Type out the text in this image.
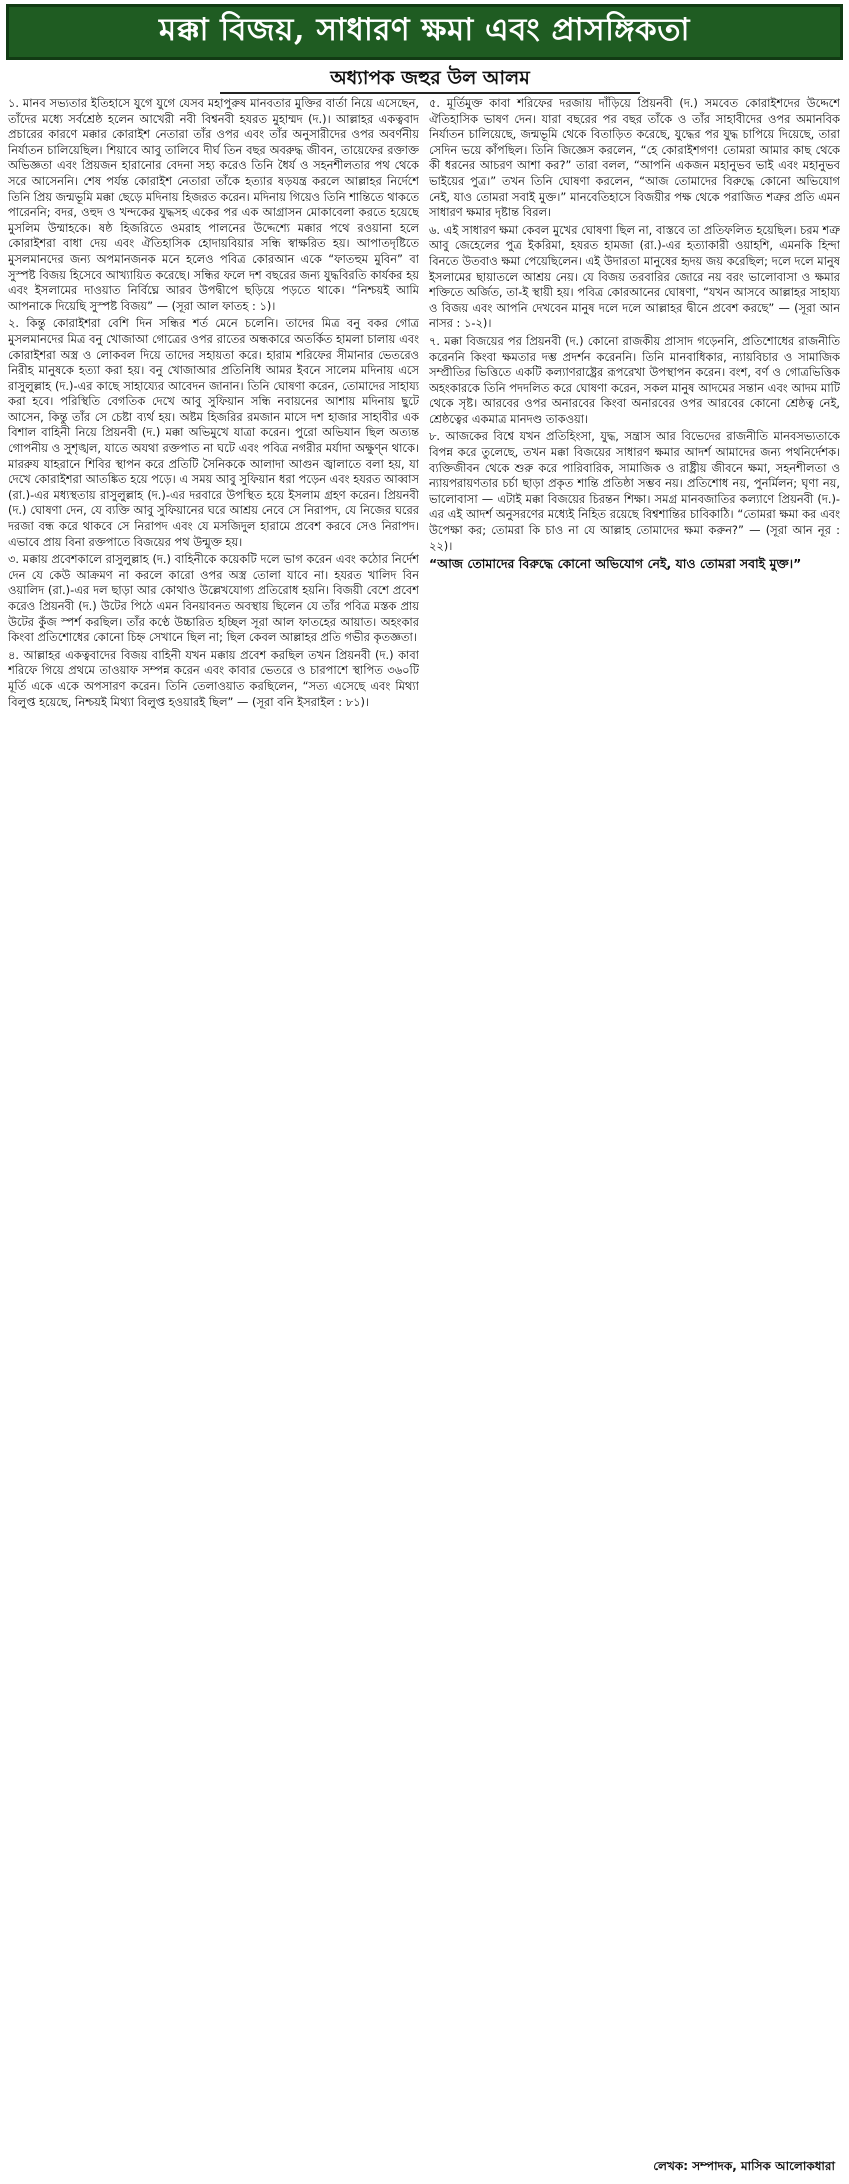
মক্কা বিজয়, সাধারণ ক্ষমা এবং প্রাসঙ্গিকতা
অধ্যাপক জহুর উল আলম

১. মানব সভ্যতার ইতিহাসে যুগে যুগে যেসব মহাপুরুষ মানবতার মুক্তির বার্তা নিয়ে এসেছেন, তাঁদের মধ্যে সর্বশ্রেষ্ঠ হলেন আখেরী নবী বিশ্বনবী হযরত মুহাম্মদ (দ.)। আল্লাহর একত্ববাদ প্রচারের কারণে মক্কার কোরাইশ নেতারা তাঁর ওপর এবং তাঁর অনুসারীদের ওপর অবর্ণনীয় নির্যাতন চালিয়েছিল। শিয়াবে আবু তালিবে দীর্ঘ তিন বছর অবরুদ্ধ জীবন, তায়েফের রক্তাক্ত অভিজ্ঞতা এবং প্রিয়জন হারানোর বেদনা সহ্য করেও তিনি ধৈর্য ও সহনশীলতার পথ থেকে সরে আসেননি। শেষ পর্যন্ত কোরাইশ নেতারা তাঁকে হত্যার ষড়যন্ত্র করলে আল্লাহর নির্দেশে তিনি প্রিয় জন্মভূমি মক্কা ছেড়ে মদিনায় হিজরত করেন। মদিনায় গিয়েও তিনি শান্তিতে থাকতে পারেননি; বদর, ওহুদ ও খন্দকের যুদ্ধসহ একের পর এক আগ্রাসন মোকাবেলা করতে হয়েছে মুসলিম উম্মাহকে। ষষ্ঠ হিজরিতে ওমরাহ পালনের উদ্দেশ্যে মক্কার পথে রওয়ানা হলে কোরাইশরা বাধা দেয় এবং ঐতিহাসিক হোদায়বিয়ার সন্ধি স্বাক্ষরিত হয়। আপাতদৃষ্টিতে মুসলমানদের জন্য অপমানজনক মনে হলেও পবিত্র কোরআন একে “ফাতহুম মুবিন” বা সুস্পষ্ট বিজয় হিসেবে আখ্যায়িত করেছে। সন্ধির ফলে দশ বছরের জন্য যুদ্ধবিরতি কার্যকর হয় এবং ইসলামের দাওয়াত নির্বিঘ্নে আরব উপদ্বীপে ছড়িয়ে পড়তে থাকে। “নিশ্চয়ই আমি আপনাকে দিয়েছি সুস্পষ্ট বিজয়” — (সূরা আল ফাতহ : ১)।

২. কিন্তু কোরাইশরা বেশি দিন সন্ধির শর্ত মেনে চলেনি। তাদের মিত্র বনু বকর গোত্র মুসলমানদের মিত্র বনু খোজাআ গোত্রের ওপর রাতের অন্ধকারে অতর্কিত হামলা চালায় এবং কোরাইশরা অস্ত্র ও লোকবল দিয়ে তাদের সহায়তা করে। হারাম শরিফের সীমানার ভেতরেও নিরীহ মানুষকে হত্যা করা হয়। বনু খোজাআর প্রতিনিধি আমর ইবনে সালেম মদিনায় এসে রাসুলুল্লাহ (দ.)-এর কাছে সাহায্যের আবেদন জানান। তিনি ঘোষণা করেন, তোমাদের সাহায্য করা হবে। পরিস্থিতি বেগতিক দেখে আবু সুফিয়ান সন্ধি নবায়নের আশায় মদিনায় ছুটে আসেন, কিন্তু তাঁর সে চেষ্টা ব্যর্থ হয়। অষ্টম হিজরির রমজান মাসে দশ হাজার সাহাবীর এক বিশাল বাহিনী নিয়ে প্রিয়নবী (দ.) মক্কা অভিমুখে যাত্রা করেন। পুরো অভিযান ছিল অত্যন্ত গোপনীয় ও সুশৃঙ্খল, যাতে অযথা রক্তপাত না ঘটে এবং পবিত্র নগরীর মর্যাদা অক্ষুণ্ন থাকে। মাররুয যাহরানে শিবির স্থাপন করে প্রতিটি সৈনিককে আলাদা আগুন জ্বালাতে বলা হয়, যা দেখে কোরাইশরা আতঙ্কিত হয়ে পড়ে। এ সময় আবু সুফিয়ান ধরা পড়েন এবং হযরত আব্বাস (রা.)-এর মধ্যস্থতায় রাসুলুল্লাহ (দ.)-এর দরবারে উপস্থিত হয়ে ইসলাম গ্রহণ করেন। প্রিয়নবী (দ.) ঘোষণা দেন, যে ব্যক্তি আবু সুফিয়ানের ঘরে আশ্রয় নেবে সে নিরাপদ, যে নিজের ঘরের দরজা বন্ধ করে থাকবে সে নিরাপদ এবং যে মসজিদুল হারামে প্রবেশ করবে সেও নিরাপদ। এভাবে প্রায় বিনা রক্তপাতে বিজয়ের পথ উন্মুক্ত হয়।

৩. মক্কায় প্রবেশকালে রাসুলুল্লাহ (দ.) বাহিনীকে কয়েকটি দলে ভাগ করেন এবং কঠোর নির্দেশ দেন যে কেউ আক্রমণ না করলে কারো ওপর অস্ত্র তোলা যাবে না। হযরত খালিদ বিন ওয়ালিদ (রা.)-এর দল ছাড়া আর কোথাও উল্লেখযোগ্য প্রতিরোধ হয়নি। বিজয়ী বেশে প্রবেশ করেও প্রিয়নবী (দ.) উটের পিঠে এমন বিনয়াবনত অবস্থায় ছিলেন যে তাঁর পবিত্র মস্তক প্রায় উটের কুঁজ স্পর্শ করছিল। তাঁর কণ্ঠে উচ্চারিত হচ্ছিল সূরা আল ফাতহের আয়াত। অহংকার কিংবা প্রতিশোধের কোনো চিহ্ন সেখানে ছিল না; ছিল কেবল আল্লাহর প্রতি গভীর কৃতজ্ঞতা।

৪. আল্লাহর একত্ববাদের বিজয় বাহিনী যখন মক্কায় প্রবেশ করছিল তখন প্রিয়নবী (দ.) কাবা শরিফে গিয়ে প্রথমে তাওয়াফ সম্পন্ন করেন এবং কাবার ভেতরে ও চারপাশে স্থাপিত ৩৬০টি মূর্তি একে একে অপসারণ করেন। তিনি তেলাওয়াত করছিলেন, “সত্য এসেছে এবং মিথ্যা বিলুপ্ত হয়েছে, নিশ্চয়ই মিথ্যা বিলুপ্ত হওয়ারই ছিল” — (সূরা বনি ইসরাইল : ৮১)।

৫. মূর্তিমুক্ত কাবা শরিফের দরজায় দাঁড়িয়ে প্রিয়নবী (দ.) সমবেত কোরাইশদের উদ্দেশে ঐতিহাসিক ভাষণ দেন। যারা বছরের পর বছর তাঁকে ও তাঁর সাহাবীদের ওপর অমানবিক নির্যাতন চালিয়েছে, জন্মভূমি থেকে বিতাড়িত করেছে, যুদ্ধের পর যুদ্ধ চাপিয়ে দিয়েছে, তারা সেদিন ভয়ে কাঁপছিল। তিনি জিজ্ঞেস করলেন, “হে কোরাইশগণ! তোমরা আমার কাছ থেকে কী ধরনের আচরণ আশা কর?” তারা বলল, “আপনি একজন মহানুভব ভাই এবং মহানুভব ভাইয়ের পুত্র।” তখন তিনি ঘোষণা করলেন, “আজ তোমাদের বিরুদ্ধে কোনো অভিযোগ নেই, যাও তোমরা সবাই মুক্ত।” মানবেতিহাসে বিজয়ীর পক্ষ থেকে পরাজিত শত্রুর প্রতি এমন সাধারণ ক্ষমার দৃষ্টান্ত বিরল।

৬. এই সাধারণ ক্ষমা কেবল মুখের ঘোষণা ছিল না, বাস্তবে তা প্রতিফলিত হয়েছিল। চরম শত্রু আবু জেহেলের পুত্র ইকরিমা, হযরত হামজা (রা.)-এর হত্যাকারী ওয়াহশি, এমনকি হিন্দা বিনতে উতবাও ক্ষমা পেয়েছিলেন। এই উদারতা মানুষের হৃদয় জয় করেছিল; দলে দলে মানুষ ইসলামের ছায়াতলে আশ্রয় নেয়। যে বিজয় তরবারির জোরে নয় বরং ভালোবাসা ও ক্ষমার শক্তিতে অর্জিত, তা-ই স্থায়ী হয়। পবিত্র কোরআনের ঘোষণা, “যখন আসবে আল্লাহর সাহায্য ও বিজয় এবং আপনি দেখবেন মানুষ দলে দলে আল্লাহর দ্বীনে প্রবেশ করছে” — (সূরা আন নাসর : ১-২)।

৭. মক্কা বিজয়ের পর প্রিয়নবী (দ.) কোনো রাজকীয় প্রাসাদ গড়েননি, প্রতিশোধের রাজনীতি করেননি কিংবা ক্ষমতার দম্ভ প্রদর্শন করেননি। তিনি মানবাধিকার, ন্যায়বিচার ও সামাজিক সম্প্রীতির ভিত্তিতে একটি কল্যাণরাষ্ট্রের রূপরেখা উপস্থাপন করেন। বংশ, বর্ণ ও গোত্রভিত্তিক অহংকারকে তিনি পদদলিত করে ঘোষণা করেন, সকল মানুষ আদমের সন্তান এবং আদম মাটি থেকে সৃষ্ট। আরবের ওপর অনারবের কিংবা অনারবের ওপর আরবের কোনো শ্রেষ্ঠত্ব নেই, শ্রেষ্ঠত্বের একমাত্র মানদণ্ড তাকওয়া।

৮. আজকের বিশ্বে যখন প্রতিহিংসা, যুদ্ধ, সন্ত্রাস আর বিভেদের রাজনীতি মানবসভ্যতাকে বিপন্ন করে তুলেছে, তখন মক্কা বিজয়ের সাধারণ ক্ষমার আদর্শ আমাদের জন্য পথনির্দেশক। ব্যক্তিজীবন থেকে শুরু করে পারিবারিক, সামাজিক ও রাষ্ট্রীয় জীবনে ক্ষমা, সহনশীলতা ও ন্যায়পরায়ণতার চর্চা ছাড়া প্রকৃত শান্তি প্রতিষ্ঠা সম্ভব নয়। প্রতিশোধ নয়, পুনর্মিলন; ঘৃণা নয়, ভালোবাসা — এটাই মক্কা বিজয়ের চিরন্তন শিক্ষা। সমগ্র মানবজাতির কল্যাণে প্রিয়নবী (দ.)-এর এই আদর্শ অনুসরণের মধ্যেই নিহিত রয়েছে বিশ্বশান্তির চাবিকাঠি। “তোমরা ক্ষমা কর এবং উপেক্ষা কর; তোমরা কি চাও না যে আল্লাহ তোমাদের ক্ষমা করুন?” — (সূরা আন নূর : ২২)।

“আজ তোমাদের বিরুদ্ধে কোনো অভিযোগ নেই, যাও তোমরা সবাই মুক্ত।”

লেখক: সম্পাদক, মাসিক আলোকধারা
